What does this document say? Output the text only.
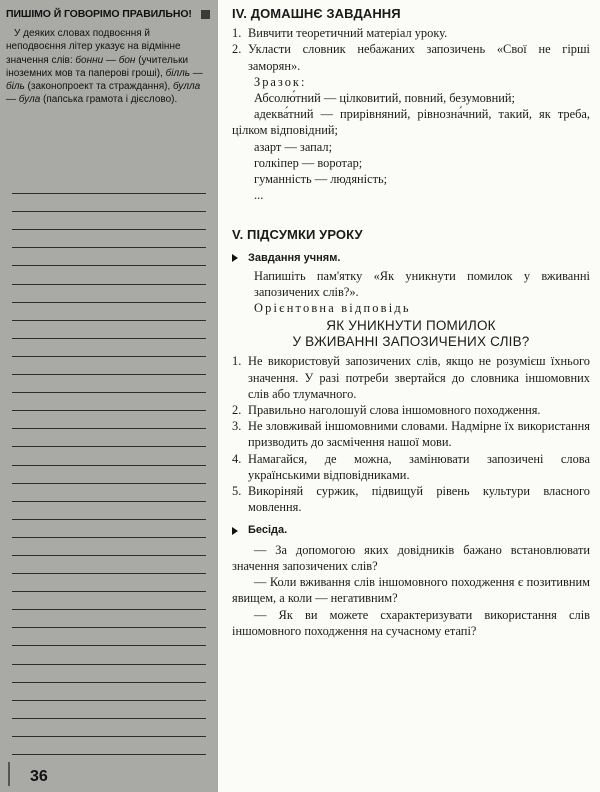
ПИШІМО Й ГОВОРІМО ПРАВИЛЬНО!
У деяких словах подвоєння й неподвоєння літер указує на відмінне значення слів: бонни — бон (учительки іноземних мов та паперові гроші), білль — біль (законопроект та страждання), булла — була (папська грамота і дієслово).
36
IV. ДОМАШНЄ ЗАВДАННЯ
1. Вивчити теоретичний матеріал уроку.
2. Укласти словник небажаних запозичень «Свої не гірші заморян».
Зразок:
Абсолю́тний — цілковитий, повний, безумовний;
адеква́тний — прирівняний, рівнозна́чний, такий, як треба, цілком відповідний;
азарт — запал;
голкіпер — воротар;
гуманність — людяність;
...
V. ПІДСУМКИ УРОКУ
Завдання учням.
Напишіть пам'ятку «Як уникнути помилок у вживанні запозичених слів?».
Орієнтовна відповідь
ЯК УНИКНУТИ ПОМИЛОК
У ВЖИВАННІ ЗАПОЗИЧЕНИХ СЛІВ?
1. Не використовуй запозичених слів, якщо не розумієш їхнього значення. У разі потреби звертайся до словника іншомовних слів або тлумачного.
2. Правильно наголошуй слова іншомовного походження.
3. Не зловживай іншомовними словами. Надмірне їх використання призводить до засмічення нашої мови.
4. Намагайся, де можна, замінювати запозичені слова українськими відповідниками.
5. Викоріняй суржик, підвищуй рівень культури власного мовлення.
Бесіда.
— За допомогою яких довідників бажано встановлювати значення запозичених слів?
— Коли вживання слів іншомовного походження є позитивним явищем, а коли — негативним?
— Як ви можете схарактеризувати використання слів іншомовного походження на сучасному етапі?
